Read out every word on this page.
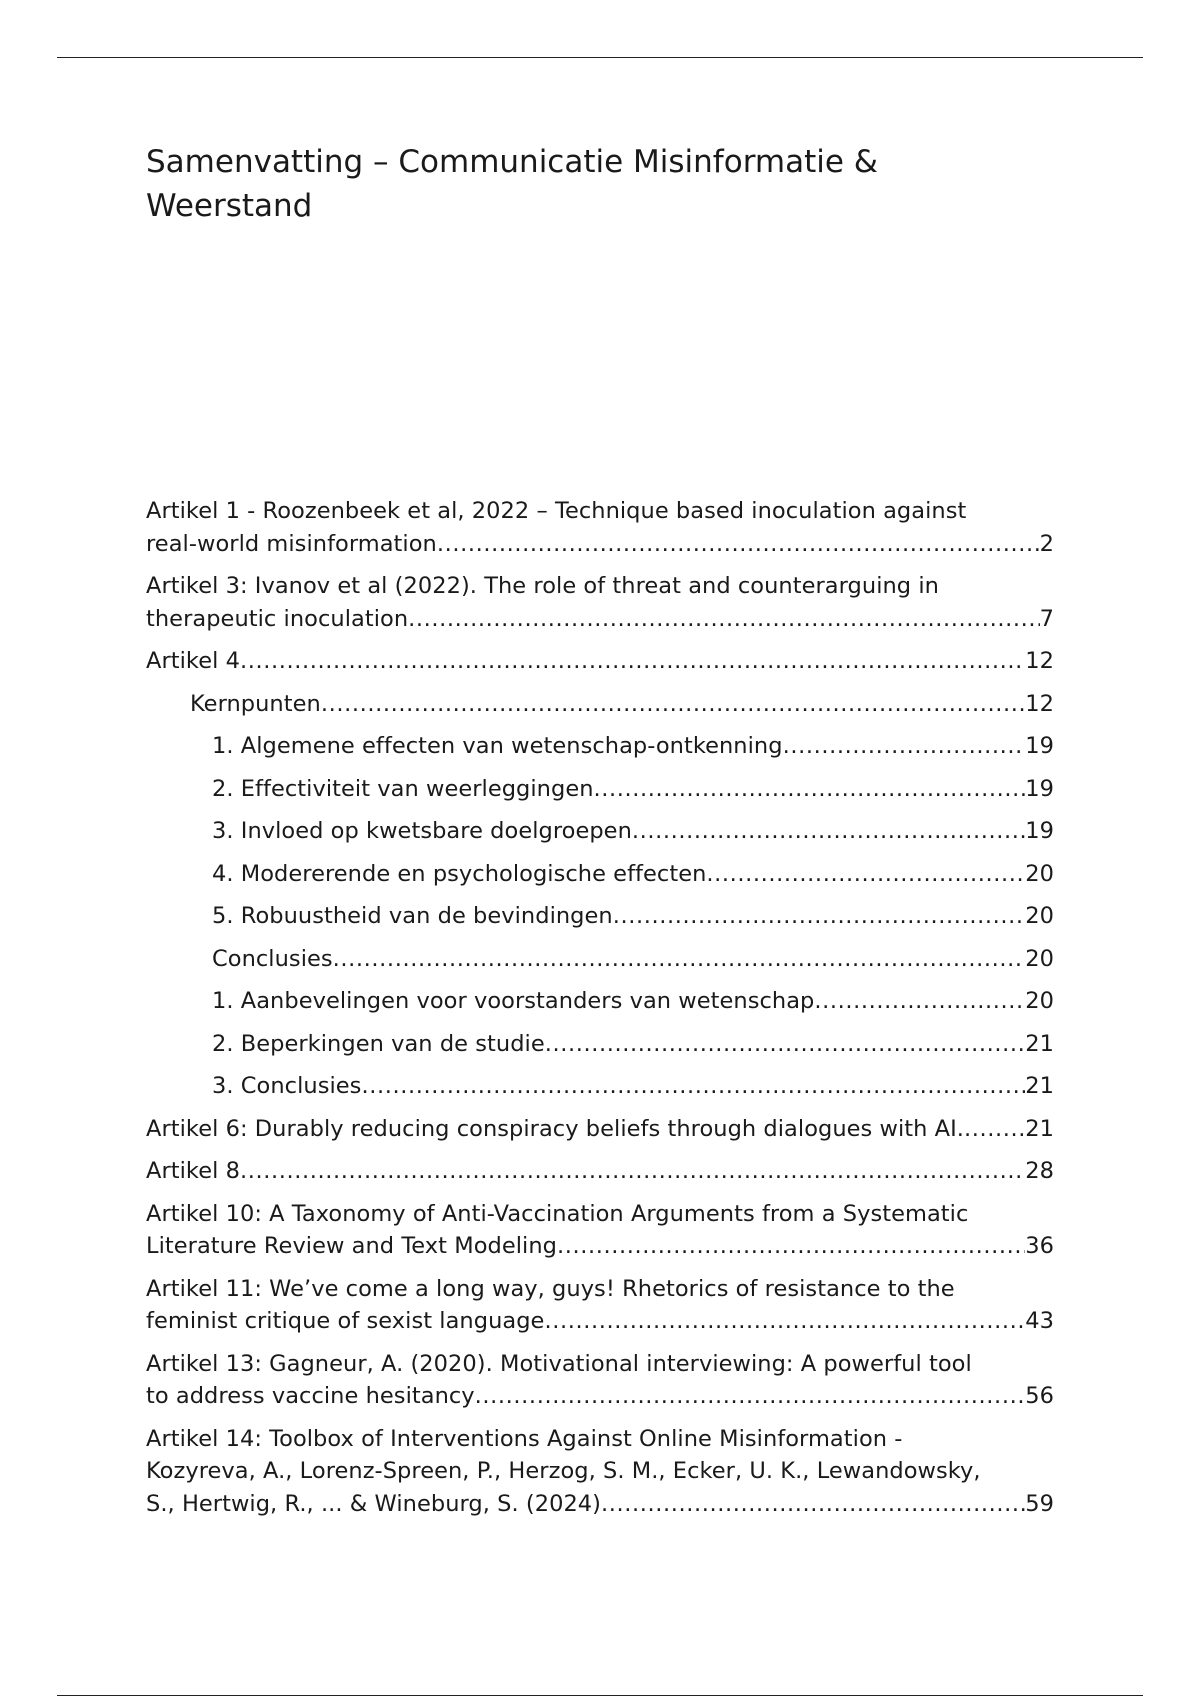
Samenvatting – Communicatie Misinformatie &
Weerstand
Artikel 1 - Roozenbeek et al, 2022 – Technique based inoculation against
real-world misinformation .....	2
Artikel 3: Ivanov et al (2022). The role of threat and counterarguing in
therapeutic inoculation .....	7
Artikel 4 .....	12
Kernpunten .....	12
1. Algemene effecten van wetenschap-ontkenning .....	19
2. Effectiviteit van weerleggingen .....	19
3. Invloed op kwetsbare doelgroepen .....	19
4. Modererende en psychologische effecten .....	20
5. Robuustheid van de bevindingen .....	20
Conclusies .....	20
1. Aanbevelingen voor voorstanders van wetenschap .....	20
2. Beperkingen van de studie .....	21
3. Conclusies .....	21
Artikel 6: Durably reducing conspiracy beliefs through dialogues with AI. .....	21
Artikel 8 .....	28
Artikel 10: A Taxonomy of Anti-Vaccination Arguments from a Systematic
Literature Review and Text Modeling .....	36
Artikel 11: We’ve come a long way, guys! Rhetorics of resistance to the
feminist critique of sexist language .....	43
Artikel 13: Gagneur, A. (2020). Motivational interviewing: A powerful tool
to address vaccine hesitancy .....	56
Artikel 14: Toolbox of Interventions Against Online Misinformation -
Kozyreva, A., Lorenz-Spreen, P., Herzog, S. M., Ecker, U. K., Lewandowsky,
S., Hertwig, R., ... & Wineburg, S. (2024) .....	59
